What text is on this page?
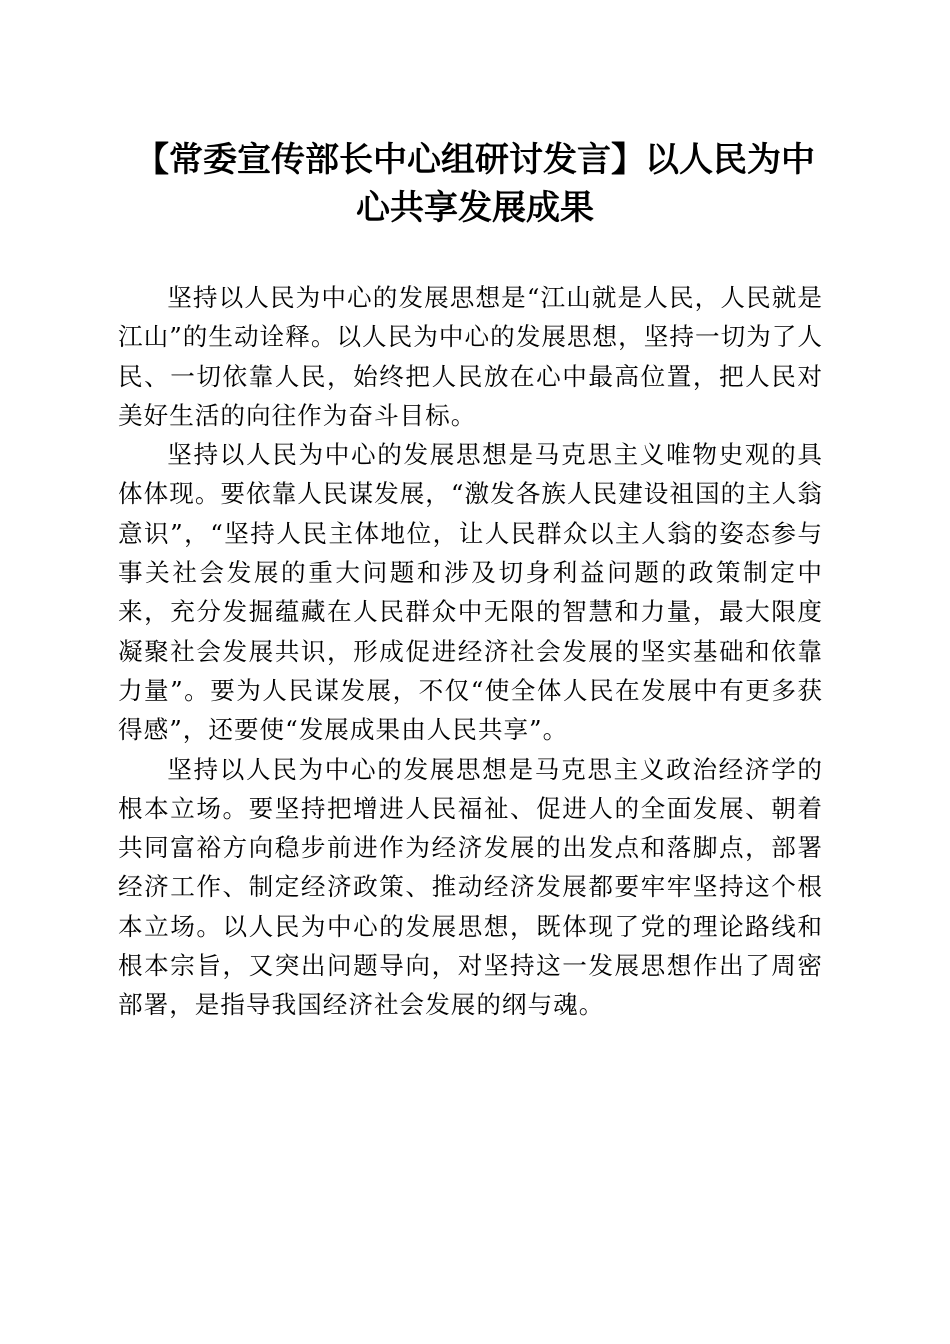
【常委宣传部长中心组研讨发言】以人民为中
心共享发展成果

坚持以人民为中心的发展思想是“江山就是人民，人民就是江山”的生动诠释。以人民为中心的发展思想，坚持一切为了人民、一切依靠人民，始终把人民放在心中最高位置，把人民对美好生活的向往作为奋斗目标。

坚持以人民为中心的发展思想是马克思主义唯物史观的具体体现。要依靠人民谋发展，“激发各族人民建设祖国的主人翁意识”，“坚持人民主体地位，让人民群众以主人翁的姿态参与事关社会发展的重大问题和涉及切身利益问题的政策制定中来，充分发掘蕴藏在人民群众中无限的智慧和力量，最大限度凝聚社会发展共识，形成促进经济社会发展的坚实基础和依靠力量”。要为人民谋发展，不仅“使全体人民在发展中有更多获得感”，还要使“发展成果由人民共享”。

坚持以人民为中心的发展思想是马克思主义政治经济学的根本立场。要坚持把增进人民福祉、促进人的全面发展、朝着共同富裕方向稳步前进作为经济发展的出发点和落脚点，部署经济工作、制定经济政策、推动经济发展都要牢牢坚持这个根本立场。以人民为中心的发展思想，既体现了党的理论路线和根本宗旨，又突出问题导向，对坚持这一发展思想作出了周密部署，是指导我国经济社会发展的纲与魂。
